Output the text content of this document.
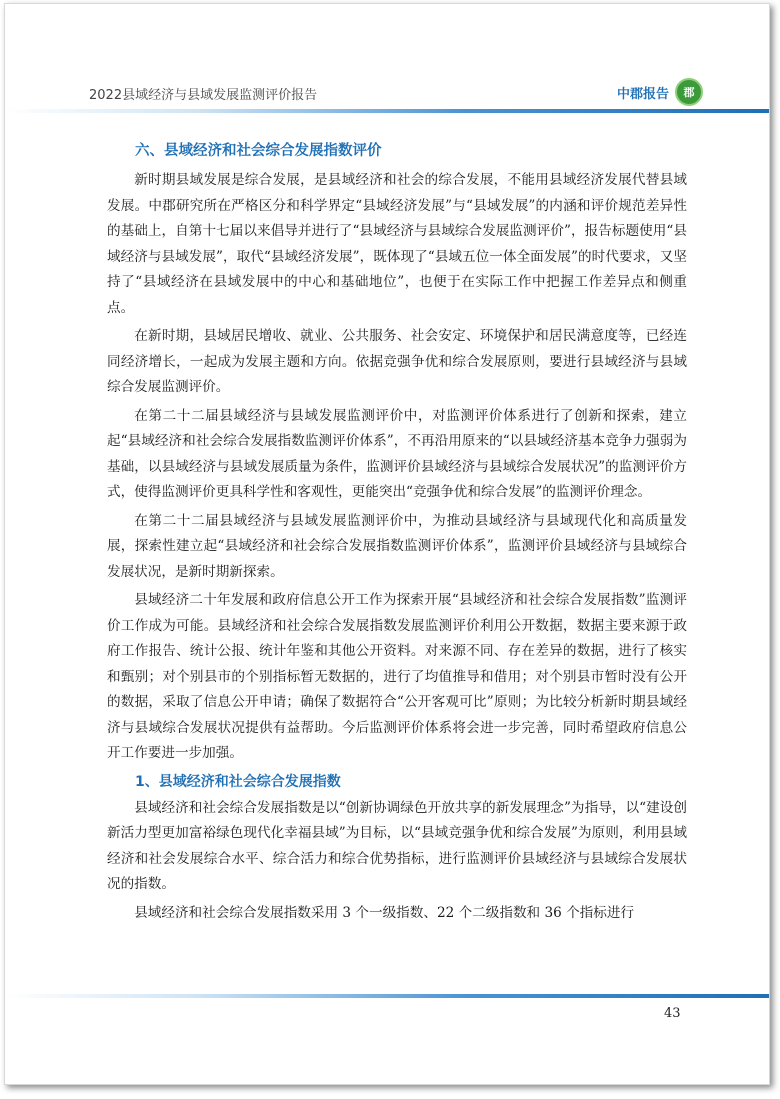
2022县域经济与县域发展监测评价报告	中郡报告	郡
六、县域经济和社会综合发展指数评价

新时期县域发展是综合发展，是县域经济和社会的综合发展，不能用县域经济发展代替县域发展。中郡研究所在严格区分和科学界定“县域经济发展”与“县域发展”的内涵和评价规范差异性的基础上，自第十七届以来倡导并进行了“县域经济与县域综合发展监测评价”，报告标题使用“县域经济与县域发展”，取代“县域经济发展”，既体现了“县域五位一体全面发展”的时代要求，又坚持了“县域经济在县域发展中的中心和基础地位”，也便于在实际工作中把握工作差异点和侧重点。

在新时期，县域居民增收、就业、公共服务、社会安定、环境保护和居民满意度等，已经连同经济增长，一起成为发展主题和方向。依据竞强争优和综合发展原则，要进行县域经济与县域综合发展监测评价。

在第二十二届县域经济与县域发展监测评价中，对监测评价体系进行了创新和探索，建立起“县域经济和社会综合发展指数监测评价体系”，不再沿用原来的“以县域经济基本竞争力强弱为基础，以县域经济与县域发展质量为条件，监测评价县域经济与县域综合发展状况”的监测评价方式，使得监测评价更具科学性和客观性，更能突出“竞强争优和综合发展”的监测评价理念。

在第二十二届县域经济与县域发展监测评价中，为推动县域经济与县域现代化和高质量发展，探索性建立起“县域经济和社会综合发展指数监测评价体系”，监测评价县域经济与县域综合发展状况，是新时期新探索。

县域经济二十年发展和政府信息公开工作为探索开展“县域经济和社会综合发展指数”监测评价工作成为可能。县域经济和社会综合发展指数发展监测评价利用公开数据，数据主要来源于政府工作报告、统计公报、统计年鉴和其他公开资料。对来源不同、存在差异的数据，进行了核实和甄别；对个别县市的个别指标暂无数据的，进行了均值推导和借用；对个别县市暂时没有公开的数据，采取了信息公开申请；确保了数据符合“公开客观可比”原则；为比较分析新时期县域经济与县域综合发展状况提供有益帮助。今后监测评价体系将会进一步完善，同时希望政府信息公开工作要进一步加强。

1、县域经济和社会综合发展指数

县域经济和社会综合发展指数是以“创新协调绿色开放共享的新发展理念”为指导，以“建设创新活力型更加富裕绿色现代化幸福县域”为目标，以“县域竞强争优和综合发展”为原则，利用县域经济和社会发展综合水平、综合活力和综合优势指标，进行监测评价县域经济与县域综合发展状况的指数。

县域经济和社会综合发展指数采用 3 个一级指数、22 个二级指数和 36 个指标进行

43
